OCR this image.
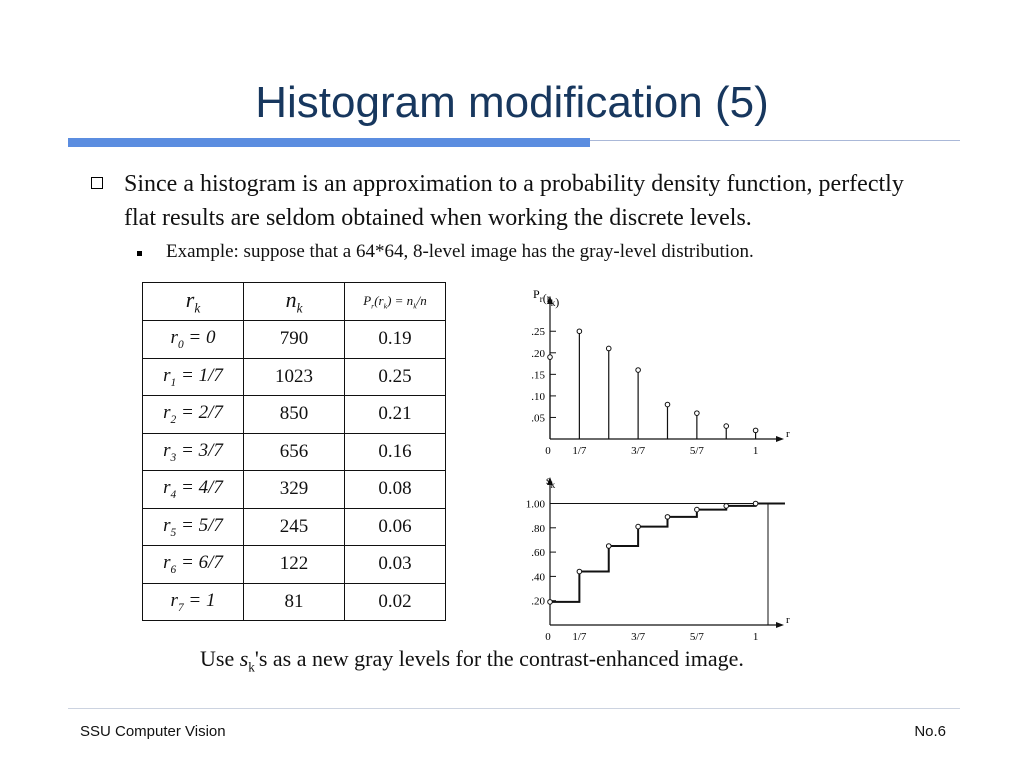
Histogram modification (5)
Since a histogram is an approximation to a probability density function, perfectly flat results are seldom obtained when working the discrete levels.
Example: suppose that a 64*64, 8-level image has the gray-level distribution.
$r_k$	$n_k$	$P_r(r_k) = n_k/n$
$r_0 = 0$	790	0.19
$r_1 = 1/7$	1023	0.25
$r_2 = 2/7$	850	0.21
$r_3 = 3/7$	656	0.16
$r_4 = 4/7$	329	0.08
$r_5 = 5/7$	245	0.06
$r_6 = 6/7$	122	0.03
$r_7 = 1$	81	0.02
.05
.10
.15
.20
.25
0 1/7	3/7	5/7	1
r
$P_r(r_k)$
.20
.40
.60
.80
1.00
0 1/7	3/7	5/7	1
r
$s_k$
Use $s_k's$ as a new gray levels for the contrast-enhanced image.
SSU Computer Vision	No.6
